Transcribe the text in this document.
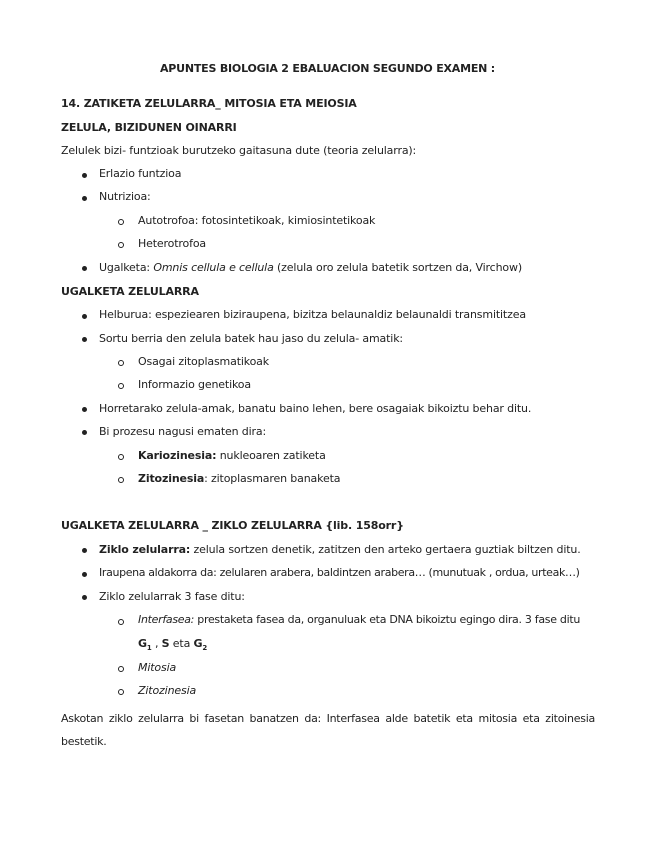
APUNTES BIOLOGIA 2 EBALUACION SEGUNDO EXAMEN :
14. ZATIKETA ZELULARRA_ MITOSIA ETA MEIOSIA
ZELULA, BIZIDUNEN OINARRI
Zelulek bizi- funtzioak burutzeko gaitasuna dute (teoria zelularra):
Erlazio funtzioa
Nutrizioa:
Autotrofoa: fotosintetikoak, kimiosintetikoak
Heterotrofoa
Ugalketa: Omnis cellula e cellula (zelula oro zelula batetik sortzen da, Virchow)
UGALKETA ZELULARRA
Helburua: espeziearen biziraupena, bizitza belaunaldiz belaunaldi transmititzea
Sortu berria den zelula batek hau jaso du zelula- amatik:
Osagai zitoplasmatikoak
Informazio genetikoa
Horretarako zelula-amak, banatu baino lehen, bere osagaiak bikoiztu behar ditu.
Bi prozesu nagusi ematen dira:
Kariozinesia: nukleoaren zatiketa
Zitozinesia: zitoplasmaren banaketa
UGALKETA ZELULARRA _ ZIKLO ZELULARRA {lib. 158orr}
Ziklo zelularra: zelula sortzen denetik, zatitzen den arteko gertaera guztiak biltzen ditu.
Iraupena aldakorra da: zelularen arabera, baldintzen arabera… (munutuak , ordua, urteak…)
Ziklo zelularrak 3 fase ditu:
Interfasea: prestaketa fasea da, organuluak eta DNA bikoiztu egingo dira. 3 fase ditu
$G_1$ , S eta $G_2$
Mitosia
Zitozinesia
Askotan ziklo zelularra bi fasetan banatzen da: Interfasea alde batetik eta mitosia eta zitoinesia bestetik.
